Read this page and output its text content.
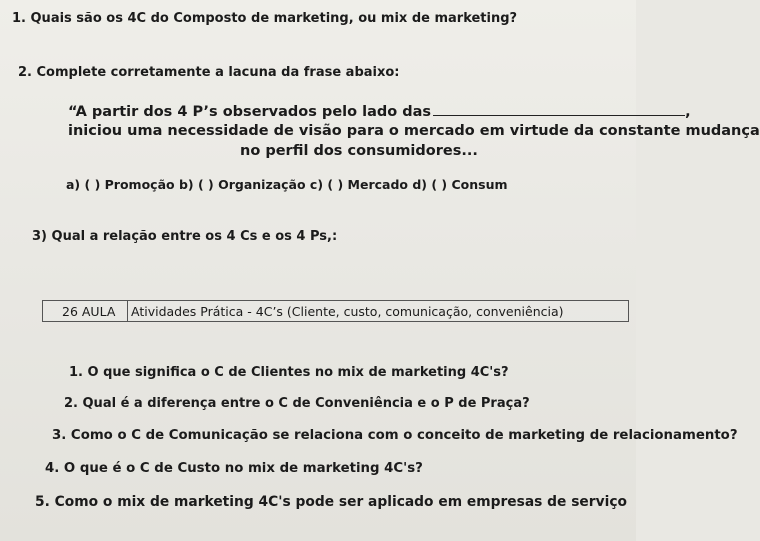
1. Quais são os 4C do Composto de marketing, ou mix de marketing?
2. Complete corretamente a lacuna da frase abaixo:
“A partir dos 4 P’s observados pelo lado das	,
iniciou uma necessidade de visão para o mercado em virtude da constante mudança
no perfil dos consumidores...
a) ( ) Promoção b) ( ) Organização c) ( ) Mercado d) ( ) Consum
3) Qual a relação entre os 4 Cs e os 4 Ps,:
26 AULA Atividades Prática - 4C’s (Cliente, custo, comunicação, conveniência)
1. O que significa o C de Clientes no mix de marketing 4C's?
2. Qual é a diferença entre o C de Conveniência e o P de Praça?
3. Como o C de Comunicação se relaciona com o conceito de marketing de relacionamento?
4. O que é o C de Custo no mix de marketing 4C's?
5. Como o mix de marketing 4C's pode ser aplicado em empresas de serviço
